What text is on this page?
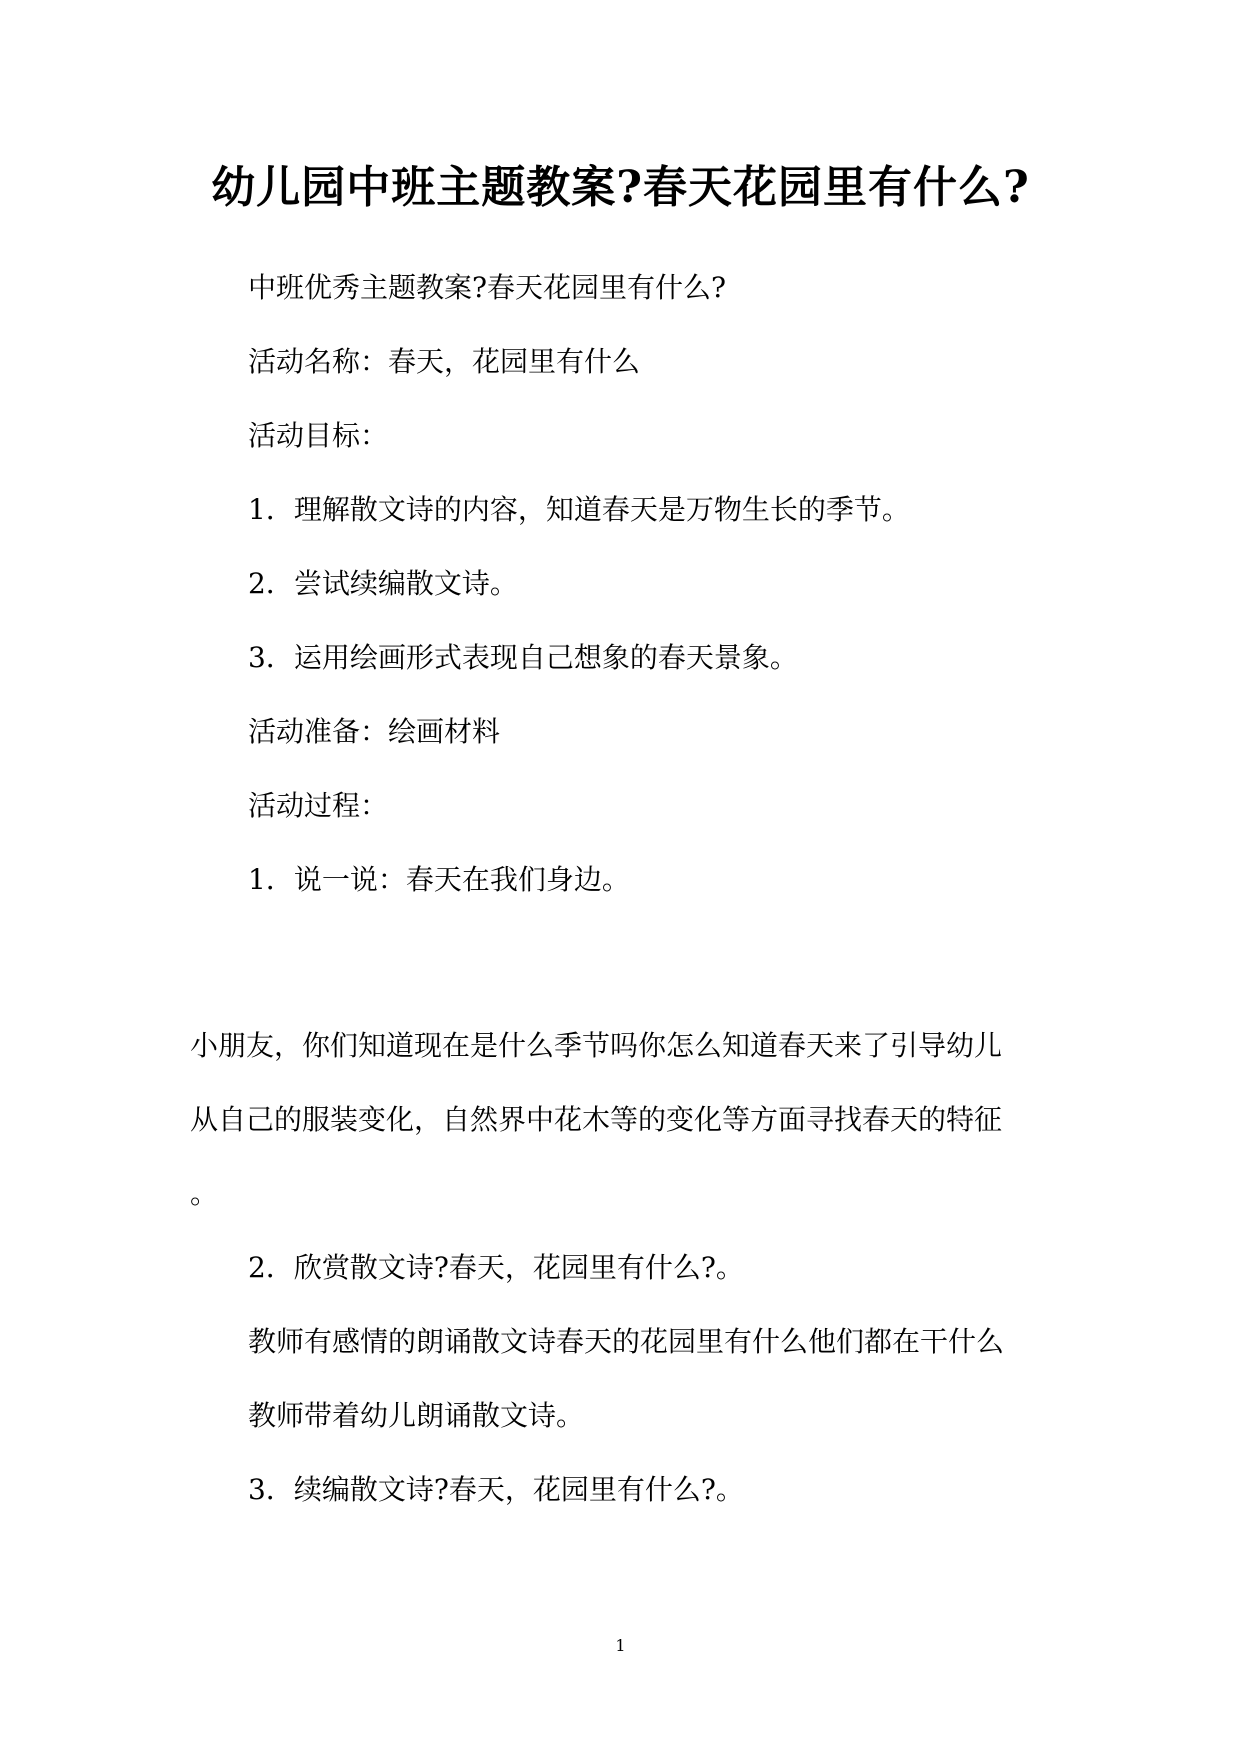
幼儿园中班主题教案?春天花园里有什么?
中班优秀主题教案?春天花园里有什么?
活动名称：春天，花园里有什么
活动目标：
1．理解散文诗的内容，知道春天是万物生长的季节。
2．尝试续编散文诗。
3．运用绘画形式表现自己想象的春天景象。
活动准备：绘画材料
活动过程：
1．说一说：春天在我们身边。
小朋友，你们知道现在是什么季节吗你怎么知道春天来了引导幼儿
从自己的服装变化，自然界中花木等的变化等方面寻找春天的特征
。
2．欣赏散文诗?春天，花园里有什么?。
教师有感情的朗诵散文诗春天的花园里有什么他们都在干什么
教师带着幼儿朗诵散文诗。
3．续编散文诗?春天，花园里有什么?。
1
